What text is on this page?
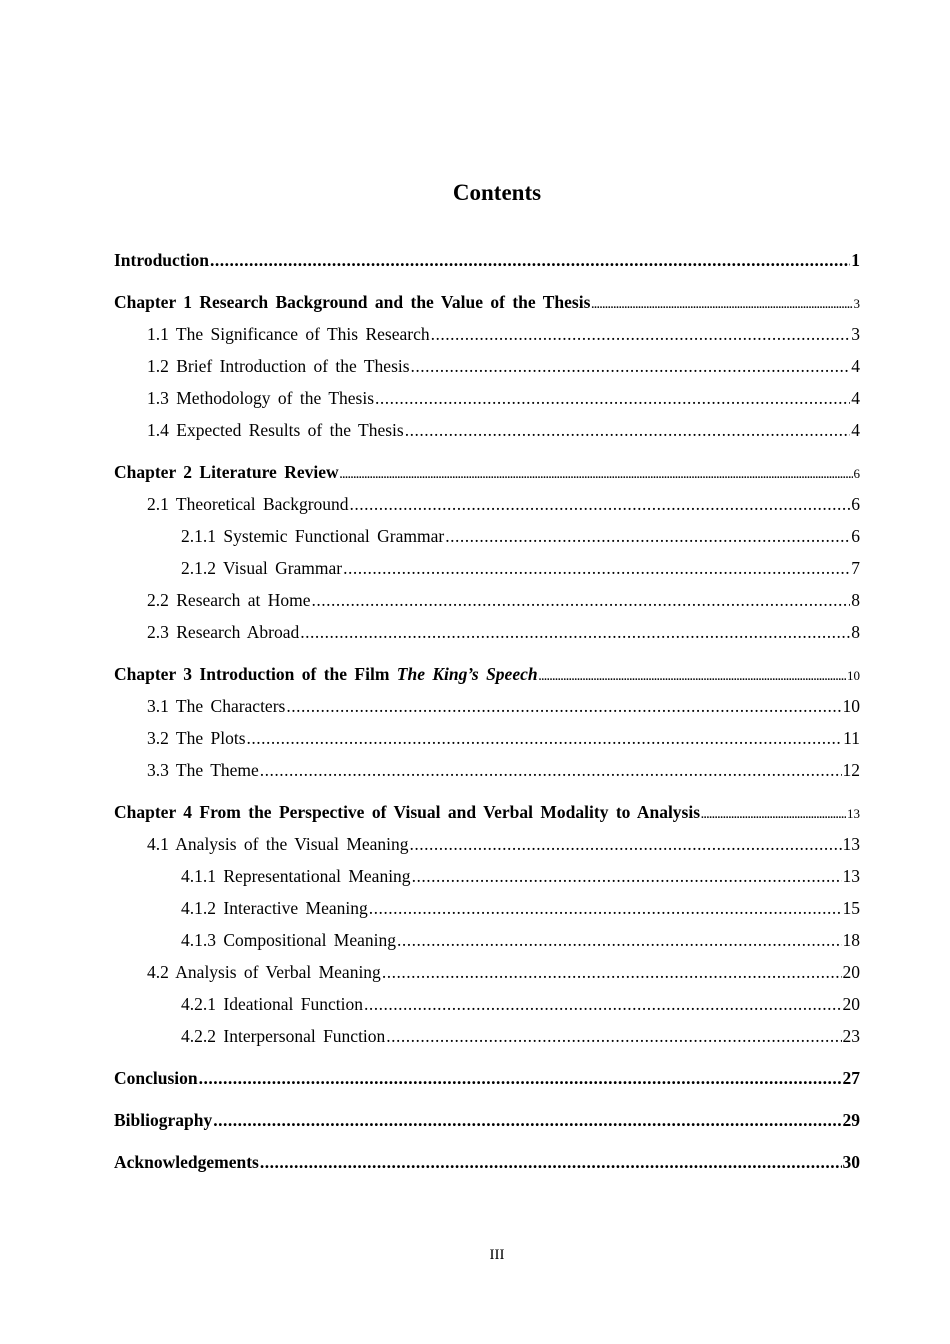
Contents
Introduction .....	1
Chapter 1 Research Background and the Value of the Thesis .....	3
1.1 The Significance of This Research .....	3
1.2 Brief Introduction of the Thesis .....	4
1.3 Methodology of the Thesis .....	4
1.4 Expected Results of the Thesis .....	4
Chapter 2 Literature Review .....	6
2.1 Theoretical Background .....	6
2.1.1 Systemic Functional Grammar .....	6
2.1.2 Visual Grammar .....	7
2.2 Research at Home .....	8
2.3 Research Abroad .....	8
Chapter 3 Introduction of the Film The King’s Speech .....	10
3.1 The Characters .....	10
3.2 The Plots .....	11
3.3 The Theme .....	12
Chapter 4 From the Perspective of Visual and Verbal Modality to Analysis .....	13
4.1 Analysis of the Visual Meaning .....	13
4.1.1 Representational Meaning .....	13
4.1.2 Interactive Meaning .....	15
4.1.3 Compositional Meaning .....	18
4.2 Analysis of Verbal Meaning .....	20
4.2.1 Ideational Function .....	20
4.2.2 Interpersonal Function .....	23
Conclusion .....	27
Bibliography .....	29
Acknowledgements .....	30
III
